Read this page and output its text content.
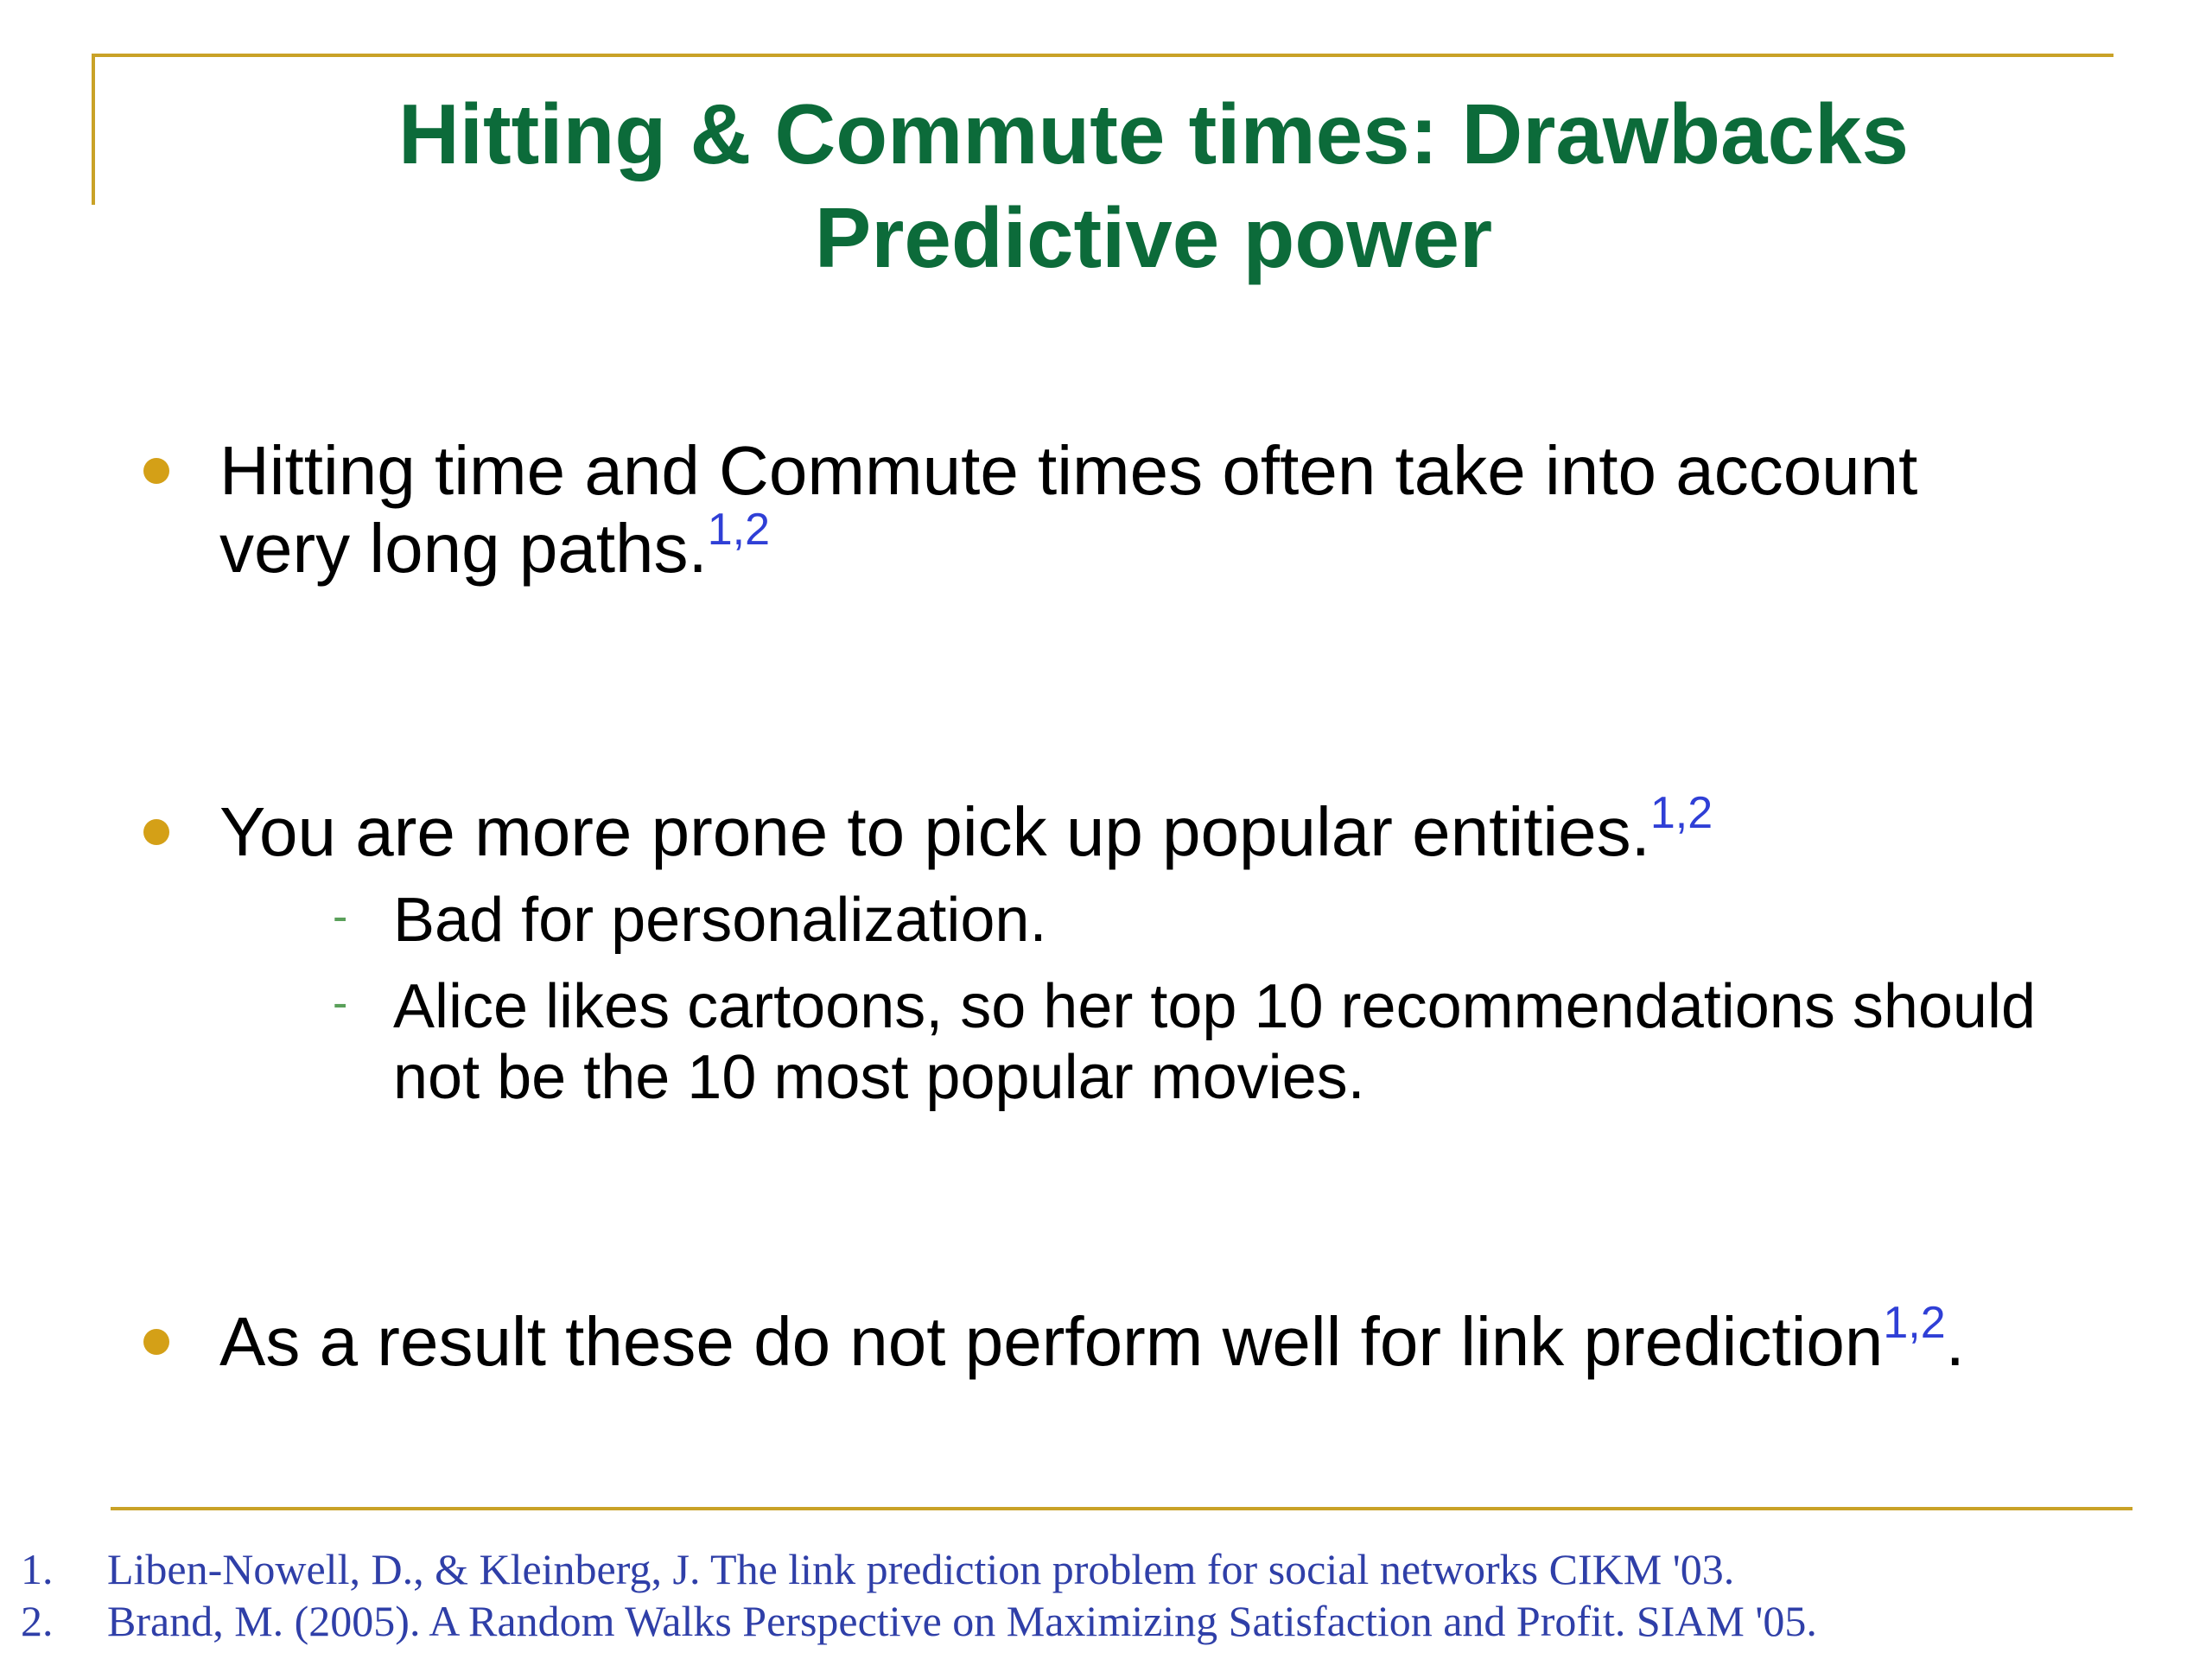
Hitting & Commute times: Drawbacks
Predictive power
Hitting time and Commute times often take into account
very long paths.$^{1,2}$
You are more prone to pick up popular entities.$^{1,2}$
- Bad for personalization.
- Alice likes cartoons, so her top 10 recommendations should
not be the 10 most popular movies.
As a result these do not perform well for link prediction$^{1,2}$.
1. Liben-Nowell, D., & Kleinberg, J. The link prediction problem for social networks CIKM '03.
2. Brand, M. (2005). A Random Walks Perspective on Maximizing Satisfaction and Profit. SIAM '05.
